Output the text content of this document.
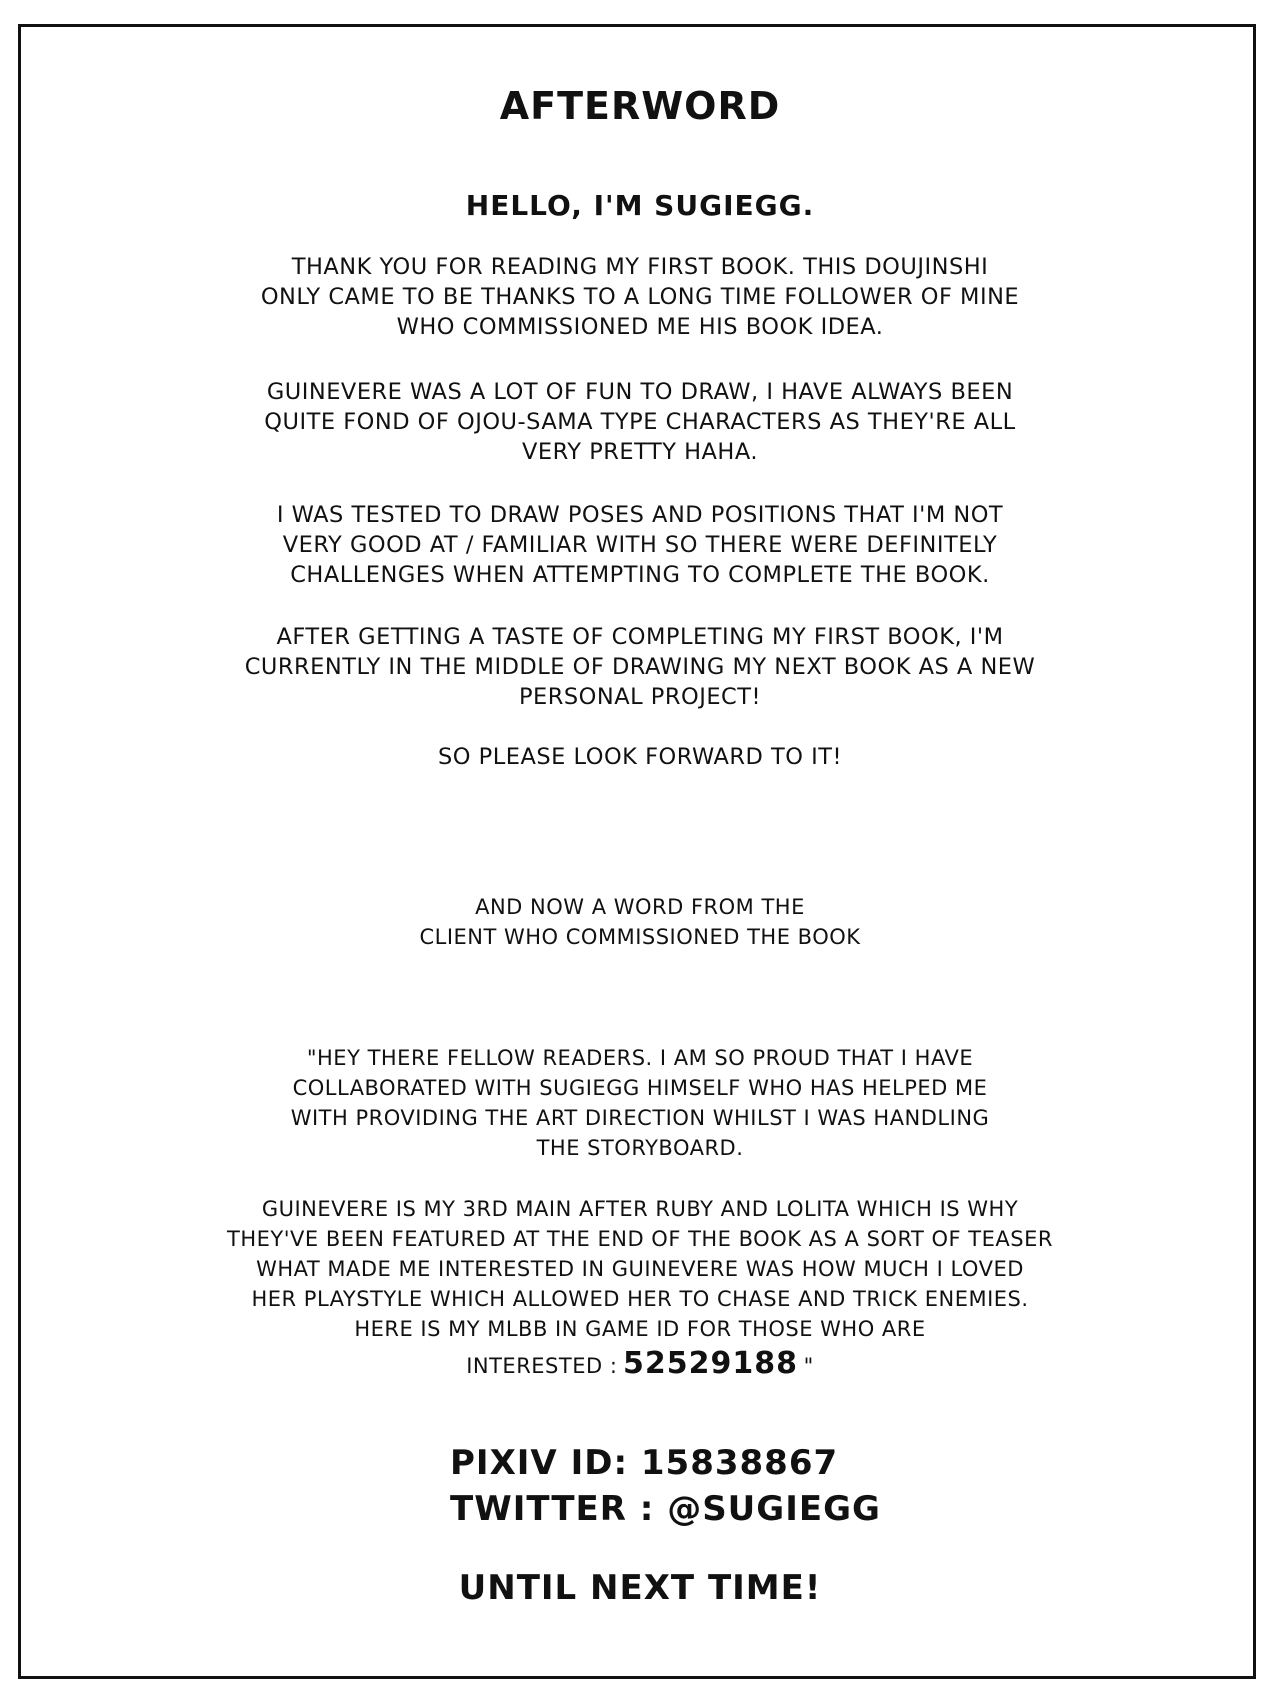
AFTERWORD
HELLO, I'M SUGIEGG.
THANK YOU FOR READING MY FIRST BOOK. THIS DOUJINSHI
ONLY CAME TO BE THANKS TO A LONG TIME FOLLOWER OF MINE
WHO COMMISSIONED ME HIS BOOK IDEA.
GUINEVERE WAS A LOT OF FUN TO DRAW, I HAVE ALWAYS BEEN
QUITE FOND OF OJOU-SAMA TYPE CHARACTERS AS THEY'RE ALL
VERY PRETTY HAHA.
I WAS TESTED TO DRAW POSES AND POSITIONS THAT I'M NOT
VERY GOOD AT / FAMILIAR WITH SO THERE WERE DEFINITELY
CHALLENGES WHEN ATTEMPTING TO COMPLETE THE BOOK.
AFTER GETTING A TASTE OF COMPLETING MY FIRST BOOK, I'M
CURRENTLY IN THE MIDDLE OF DRAWING MY NEXT BOOK AS A NEW
PERSONAL PROJECT!
SO PLEASE LOOK FORWARD TO IT!
AND NOW A WORD FROM THE
CLIENT WHO COMMISSIONED THE BOOK
"HEY THERE FELLOW READERS. I AM SO PROUD THAT I HAVE
COLLABORATED WITH SUGIEGG HIMSELF WHO HAS HELPED ME
WITH PROVIDING THE ART DIRECTION WHILST I WAS HANDLING
THE STORYBOARD.
GUINEVERE IS MY 3RD MAIN AFTER RUBY AND LOLITA WHICH IS WHY
THEY'VE BEEN FEATURED AT THE END OF THE BOOK AS A SORT OF TEASER
WHAT MADE ME INTERESTED IN GUINEVERE WAS HOW MUCH I LOVED
HER PLAYSTYLE WHICH ALLOWED HER TO CHASE AND TRICK ENEMIES.
HERE IS MY MLBB IN GAME ID FOR THOSE WHO ARE
INTERESTED : 52529188 "
PIXIV ID: 15838867
TWITTER : @SUGIEGG
UNTIL NEXT TIME!
